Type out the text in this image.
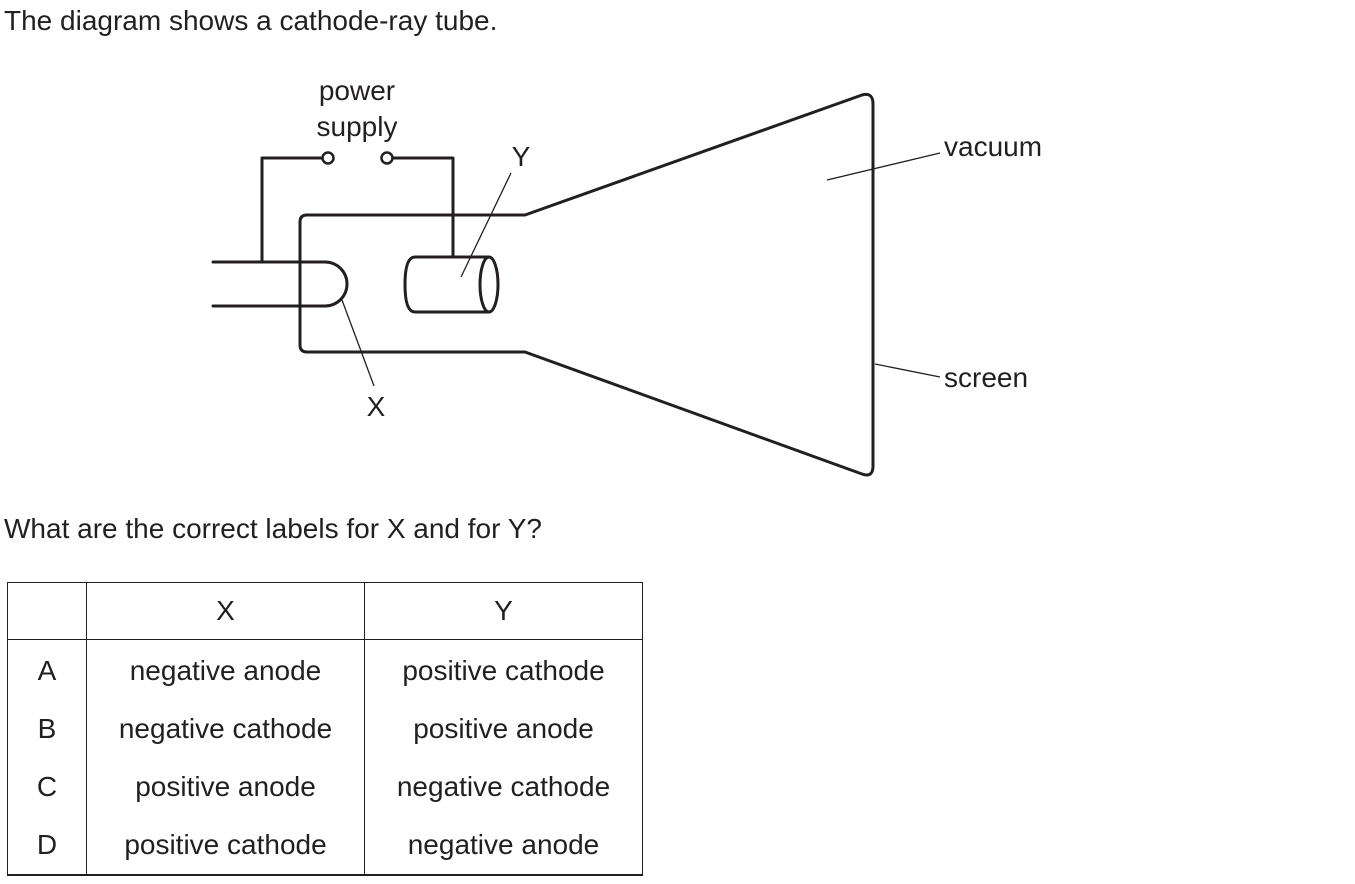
The diagram shows a cathode-ray tube.

power
supply
Y
X
vacuum
screen

What are the correct labels for X and for Y?

	X	Y
A	negative anode	positive cathode
B	negative cathode	positive anode
C	positive anode	negative cathode
D	positive cathode	negative anode
